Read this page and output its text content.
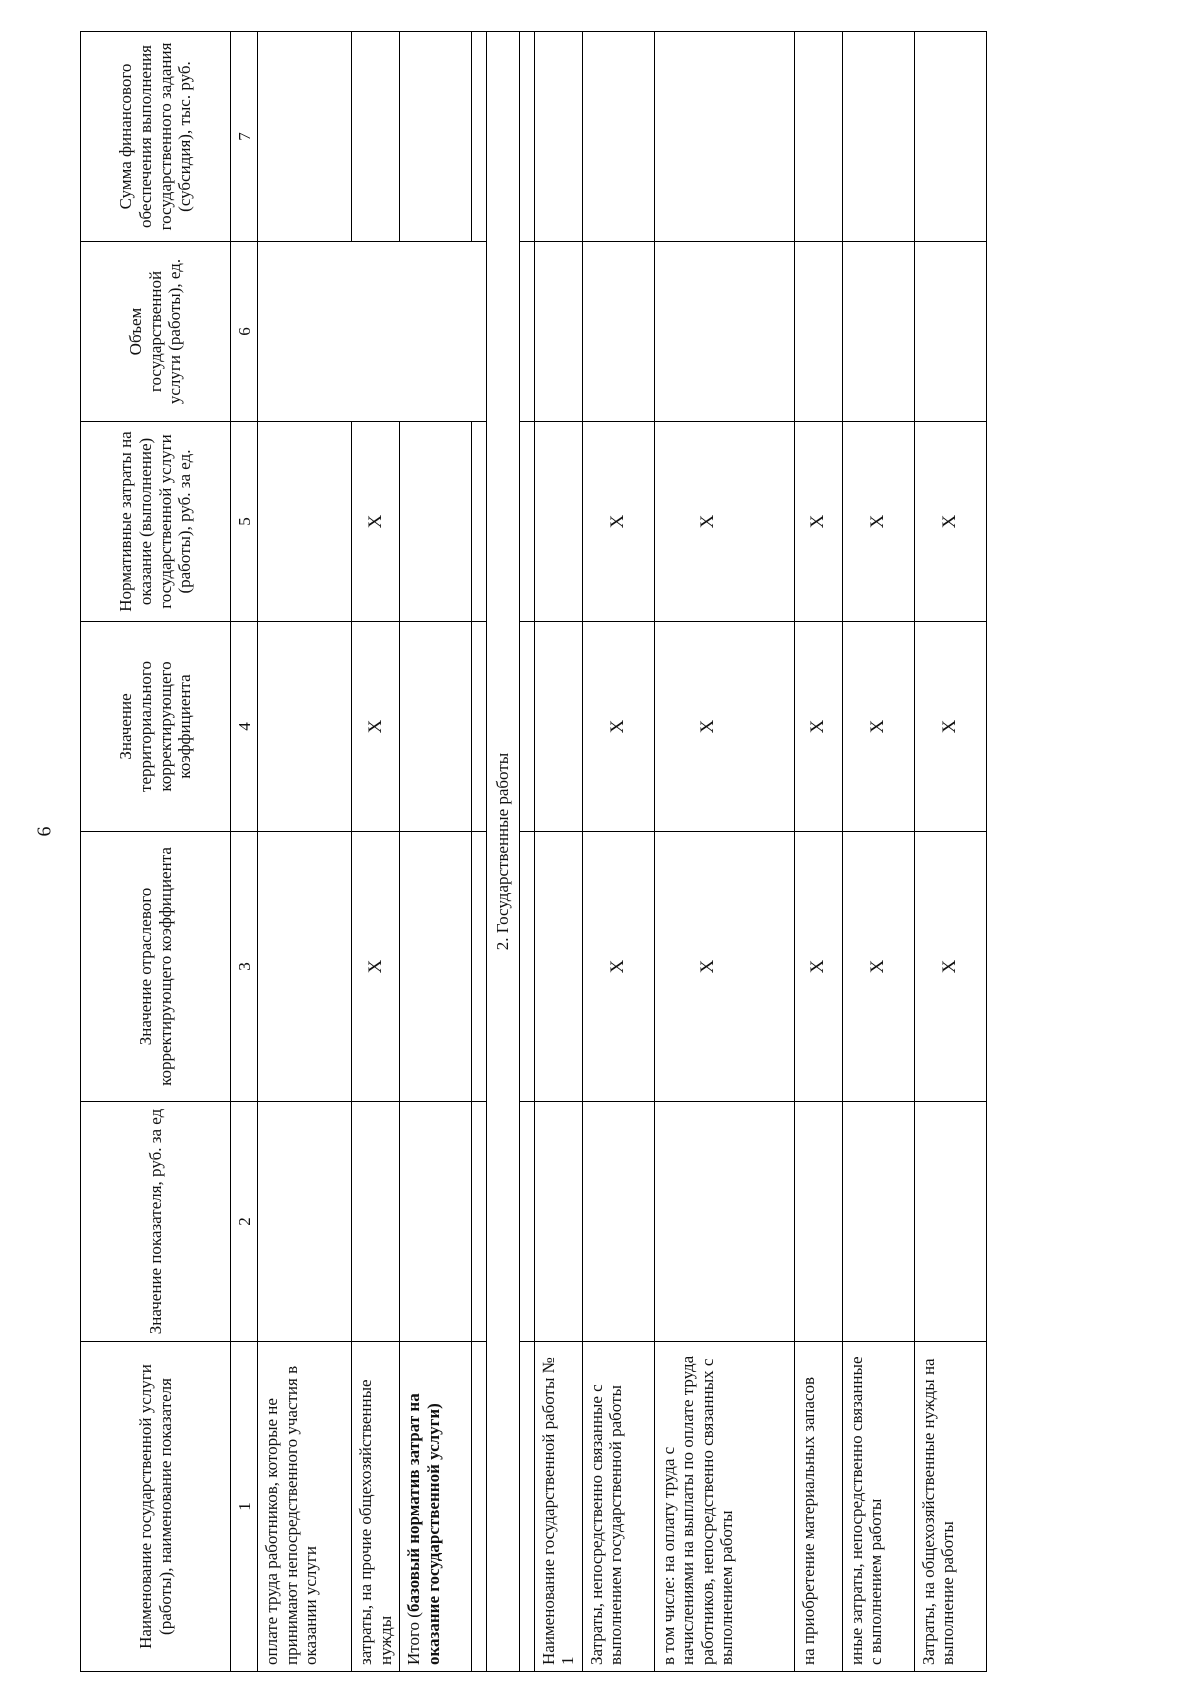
6
Наименование государственной услуги (работы), наименование показателя	Значение показателя, руб. за ед	Значение отраслевого корректирующего коэффициента	Значение территориального корректирующего коэффициента	Нормативные затраты на оказание (выполнение) государственной услуги (работы), руб. за ед.	Объем государственной услуги (работы), ед.	Сумма финансового обеспечения выполнения государственного задания (субсидия), тыс. руб.
1	2	3	4	5	6	7
оплате труда работников, которые не принимают непосредственного участия в оказании услуги						
затраты, на прочие общехозяйственные нужды		X	X	X		
Итого (базовый норматив затрат на оказание государственной услуги)						

2. Государственные работы						

Наименование государственной работы № 1						
Затраты, непосредственно связанные с выполнением государственной работы		X	X	X		
в том числе: на оплату труда с начислениями на выплаты по оплате труда работников, непосредственно связанных с выполнением работы		X	X	X		
на приобретение материальных запасов		X	X	X		
иные затраты, непосредственно связанные с выполнением работы		X	X	X		
Затраты, на общехозяйственные нужды на выполнение работы		X	X	X		
